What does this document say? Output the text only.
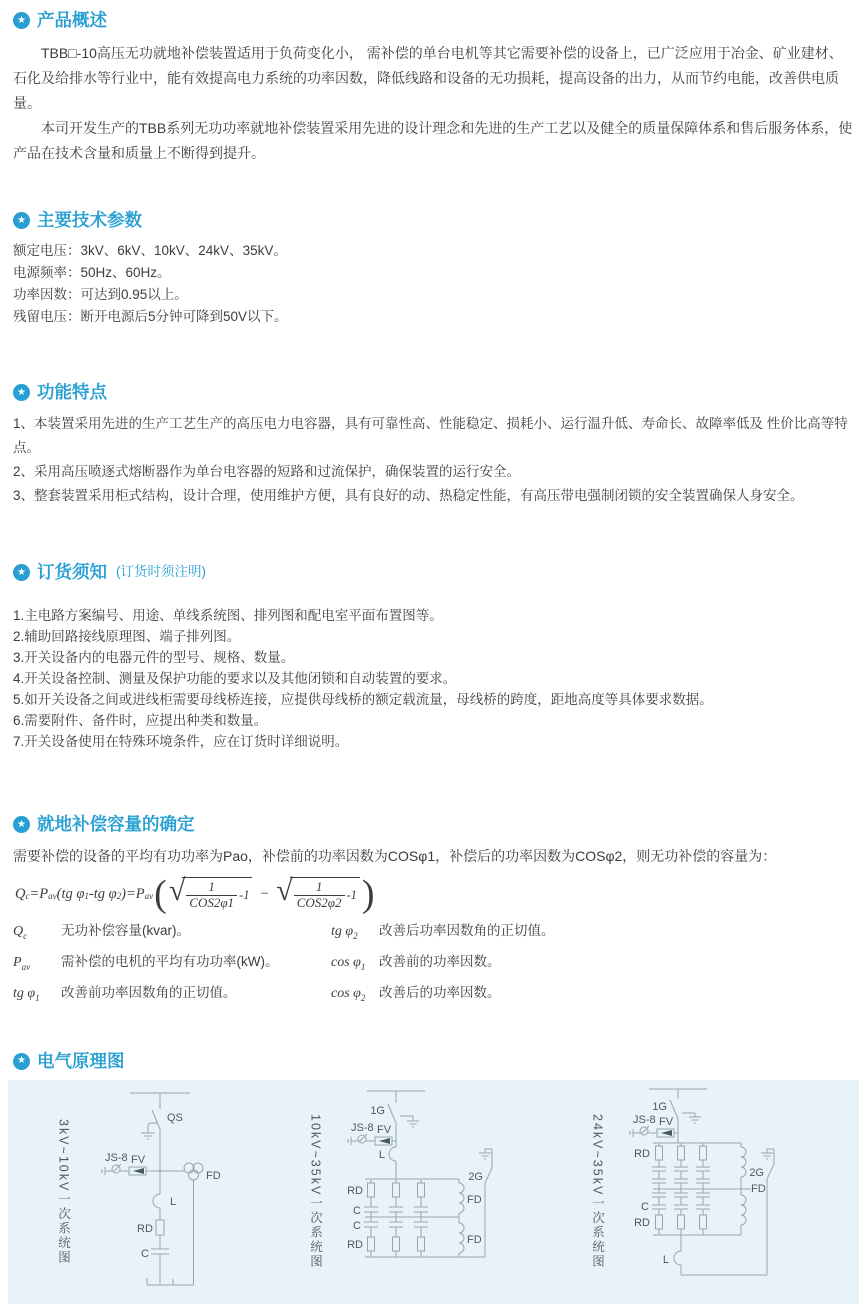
★ 产品概述

TBB□-10高压无功就地补偿装置适用于负荷变化小， 需补偿的单台电机等其它需要补偿的设备上，已广泛应用于冶金、矿业建材、石化及给排水等行业中，能有效提高电力系统的功率因数，降低线路和设备的无功损耗，提高设备的出力，从而节约电能，改善供电质量。

本司开发生产的TBB系列无功功率就地补偿装置采用先进的设计理念和先进的生产工艺以及健全的质量保障体系和售后服务体系，使产品在技术含量和质量上不断得到提升。

★ 主要技术参数
额定电压：3kV、6kV、10kV、24kV、35kV。
电源频率：50Hz、60Hz。
功率因数：可达到0.95以上。
残留电压：断开电源后5分钟可降到50V以下。
★ 功能特点
1、本装置采用先进的生产工艺生产的高压电力电容器，具有可靠性高、性能稳定、损耗小、运行温升低、寿命长、故障率低及 性价比高等特点。
2、采用高压喷逐式熔断器作为单台电容器的短路和过流保护，确保装置的运行安全。
3、整套装置采用柜式结构，设计合理，使用维护方便，具有良好的动、热稳定性能，有高压带电强制闭锁的安全装置确保人身安全。
★ 订货须知 (订货时须注明)
1.主电路方案编号、用途、单线系统图、排列图和配电室平面布置图等。
2.辅助回路接线原理图、端子排列图。
3.开关设备内的电器元件的型号、规格、数量。
4.开关设备控制、测量及保护功能的要求以及其他闭锁和自动装置的要求。
5.如开关设备之间或进线柜需要母线桥连接，应提供母线桥的额定载流量，母线桥的跨度，距地高度等具体要求数据。
6.需要附件、备件时，应提出种类和数量。
7.开关设备使用在特殊环境条件，应在订货时详细说明。
★ 就地补偿容量的确定

需要补偿的设备的平均有功功率为Pao，补偿前的功率因数为COSφ1，补偿后的功率因数为COSφ2，则无功补偿的容量为：

Q c = P av (tg φ 1 -tg φ 2 )= P av ( √ $\frac{1}{\text{COS2φ1}} -1$ − √ $\frac{1}{\text{COS2φ2}} -1$ )
$Q_c$	无功补偿容量(kvar)。	tg $\varphi_2$	改善后功率因数角的正切值。
$P_{av}$	需补偿的电机的平均有功功率(kW)。	$\cos \varphi_1$ 改善前的功率因数。
tg $\varphi_1$	改善前功率因数角的正切值。	$\cos \varphi_2$ 改善后的功率因数。
★ 电气原理图
3kV~10kV一次系统图
QS
JS-8 FV
FD
L
RD
C	10kV~35kV一次系统图
1G
JS-8 FV
L
RD
C
C
RD
2G
FD
FD	24kV~35kV一次系统图
1G
JS-8 FV
RD
C
RD
L
2G
FD
